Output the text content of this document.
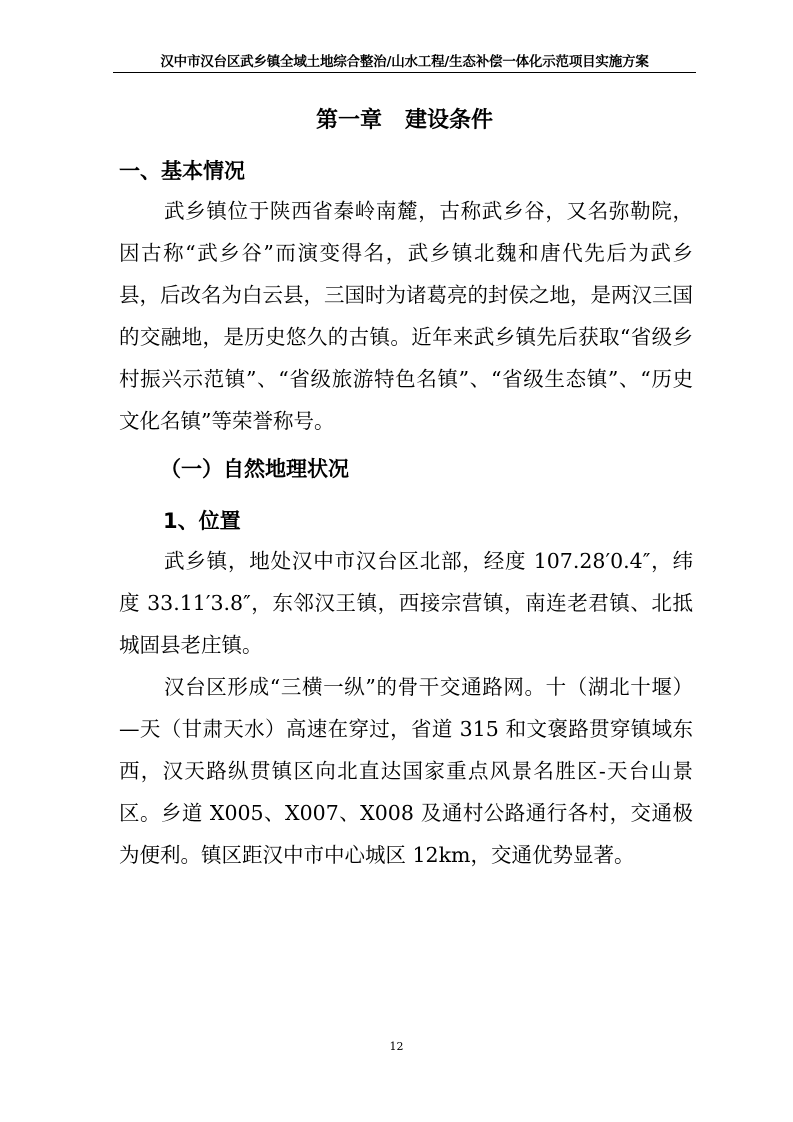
汉中市汉台区武乡镇全域土地综合整治/山水工程/生态补偿一体化示范项目实施方案
第一章   建设条件
一、基本情况

武乡镇位于陕西省秦岭南麓，古称武乡谷，又名弥勒院，因古称“武乡谷”而演变得名，武乡镇北魏和唐代先后为武乡县，后改名为白云县，三国时为诸葛亮的封侯之地，是两汉三国的交融地，是历史悠久的古镇。近年来武乡镇先后获取“省级乡村振兴示范镇”、“省级旅游特色名镇”、“省级生态镇”、“历史文化名镇”等荣誉称号。

（一）自然地理状况
1、位置

武乡镇，地处汉中市汉台区北部，经度 107.28′0.4″，纬度 33.11′3.8″，东邻汉王镇，西接宗营镇，南连老君镇、北抵城固县老庄镇。

汉台区形成“三横一纵”的骨干交通路网。十（湖北十堰）—天（甘肃天水）高速在穿过，省道 315 和文褒路贯穿镇域东西，汉天路纵贯镇区向北直达国家重点风景名胜区-天台山景区。乡道 X005、X007、X008 及通村公路通行各村，交通极为便利。镇区距汉中市中心城区 12km，交通优势显著。

12
